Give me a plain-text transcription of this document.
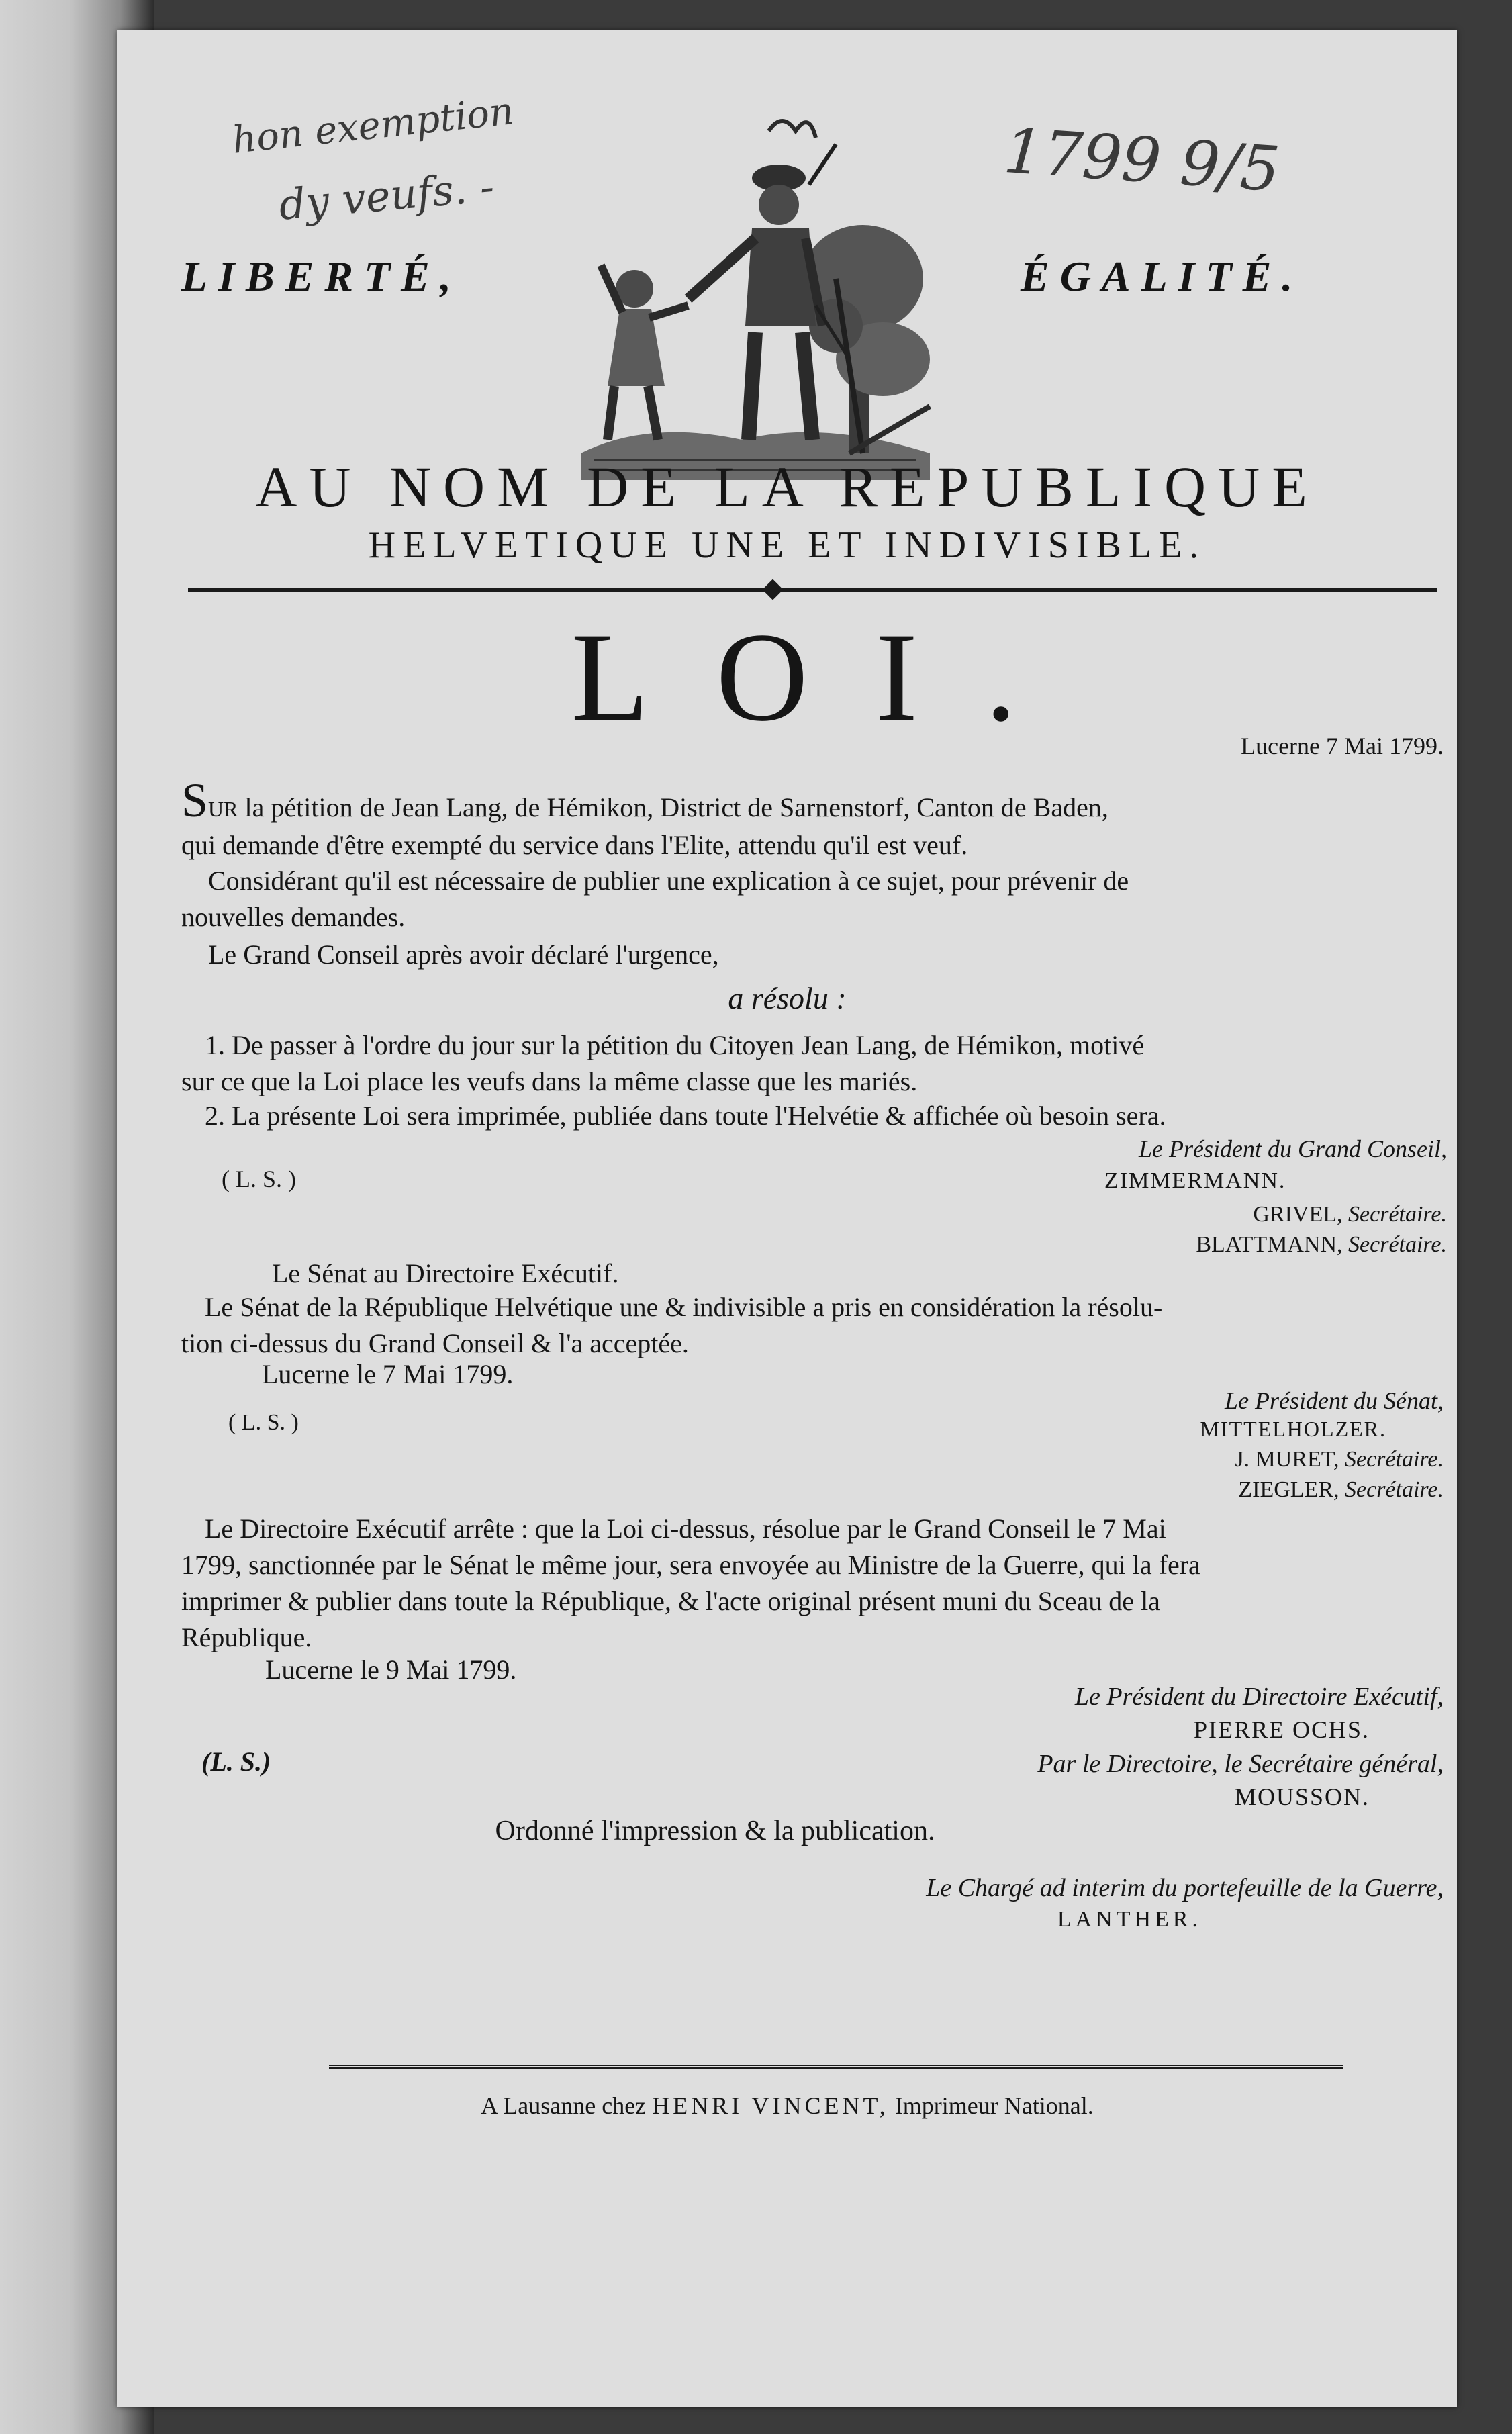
hon exemption
dy veufs. -	1799 9/5
LIBERTÉ,	ÉGALITÉ.
AU NOM DE LA REPUBLIQUE
HELVETIQUE UNE ET INDIVISIBLE.
LOI.	Lucerne 7 Mai 1799.
SUR la pétition de Jean Lang, de Hémikon, District de Sarnenstorf, Canton de Baden,
qui demande d'être exempté du service dans l'Elite, attendu qu'il est veuf.
Considérant qu'il est nécessaire de publier une explication à ce sujet, pour prévenir de
nouvelles demandes.
Le Grand Conseil après avoir déclaré l'urgence,
a résolu :
1. De passer à l'ordre du jour sur la pétition du Citoyen Jean Lang, de Hémikon, motivé
sur ce que la Loi place les veufs dans la même classe que les mariés.
2. La présente Loi sera imprimée, publiée dans toute l'Helvétie & affichée où besoin sera.
Le Président du Grand Conseil,
( L. S. )	ZIMMERMANN.
GRIVEL, Secrétaire.
BLATTMANN, Secrétaire.
Le Sénat au Directoire Exécutif.
Le Sénat de la République Helvétique une & indivisible a pris en considération la résolu-
tion ci-dessus du Grand Conseil & l'a acceptée.
Lucerne le 7 Mai 1799.
Le Président du Sénat,
( L. S. )	MITTELHOLZER.
J. MURET, Secrétaire.
ZIEGLER, Secrétaire.
Le Directoire Exécutif arrête : que la Loi ci-dessus, résolue par le Grand Conseil le 7 Mai
1799, sanctionnée par le Sénat le même jour, sera envoyée au Ministre de la Guerre, qui la fera
imprimer & publier dans toute la République, & l'acte original présent muni du Sceau de la
République.
Lucerne le 9 Mai 1799.
Le Président du Directoire Exécutif,
PIERRE OCHS.
(L. S.)	Par le Directoire, le Secrétaire général,
MOUSSON.
Ordonné l'impression & la publication.
Le Chargé ad interim du portefeuille de la Guerre,
LANTHER.
A Lausanne chez HENRI VINCENT, Imprimeur National.
